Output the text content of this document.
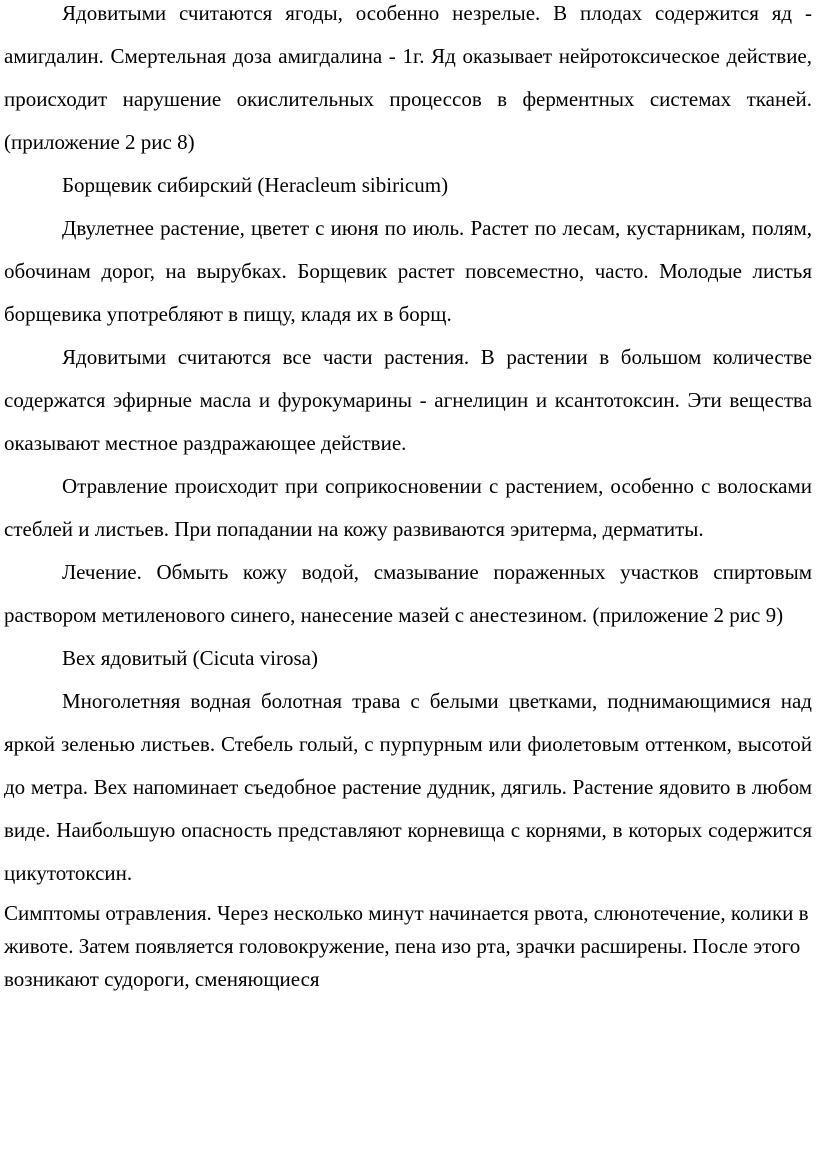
Ядовитыми считаются ягоды, особенно незрелые. В плодах содержится яд - амигдалин. Смертельная доза амигдалина - 1г. Яд оказывает нейротоксическое действие, происходит нарушение окислительных процессов в ферментных системах тканей. (приложение 2 рис 8)

Борщевик сибирский (Heracleum sibiricum)

Двулетнее растение, цветет с июня по июль. Растет по лесам, кустарникам, полям, обочинам дорог, на вырубках. Борщевик растет повсеместно, часто. Молодые листья борщевика употребляют в пищу, кладя их в борщ.

Ядовитыми считаются все части растения. В растении в большом количестве содержатся эфирные масла и фурокумарины - агнелицин и ксантотоксин. Эти вещества оказывают местное раздражающее действие.

Отравление происходит при соприкосновении с растением, особенно с волосками стеблей и листьев. При попадании на кожу развиваются эритерма, дерматиты.

Лечение. Обмыть кожу водой, смазывание пораженных участков спиртовым раствором метиленового синего, нанесение мазей с анестезином. (приложение 2 рис 9)

Вех ядовитый (Cicuta virosa)

Многолетняя водная болотная трава с белыми цветками, поднимающимися над яркой зеленью листьев. Стебель голый, с пурпурным или фиолетовым оттенком, высотой до метра. Вех напоминает съедобное растение дудник, дягиль. Растение ядовито в любом виде. Наибольшую опасность представляют корневища с корнями, в которых содержится цикутотоксин.

Симптомы отравления. Через несколько минут начинается рвота, слюнотечение, колики в животе. Затем появляется головокружение, пена изо рта, зрачки расширены. После этого возникают судороги, сменяющиеся
